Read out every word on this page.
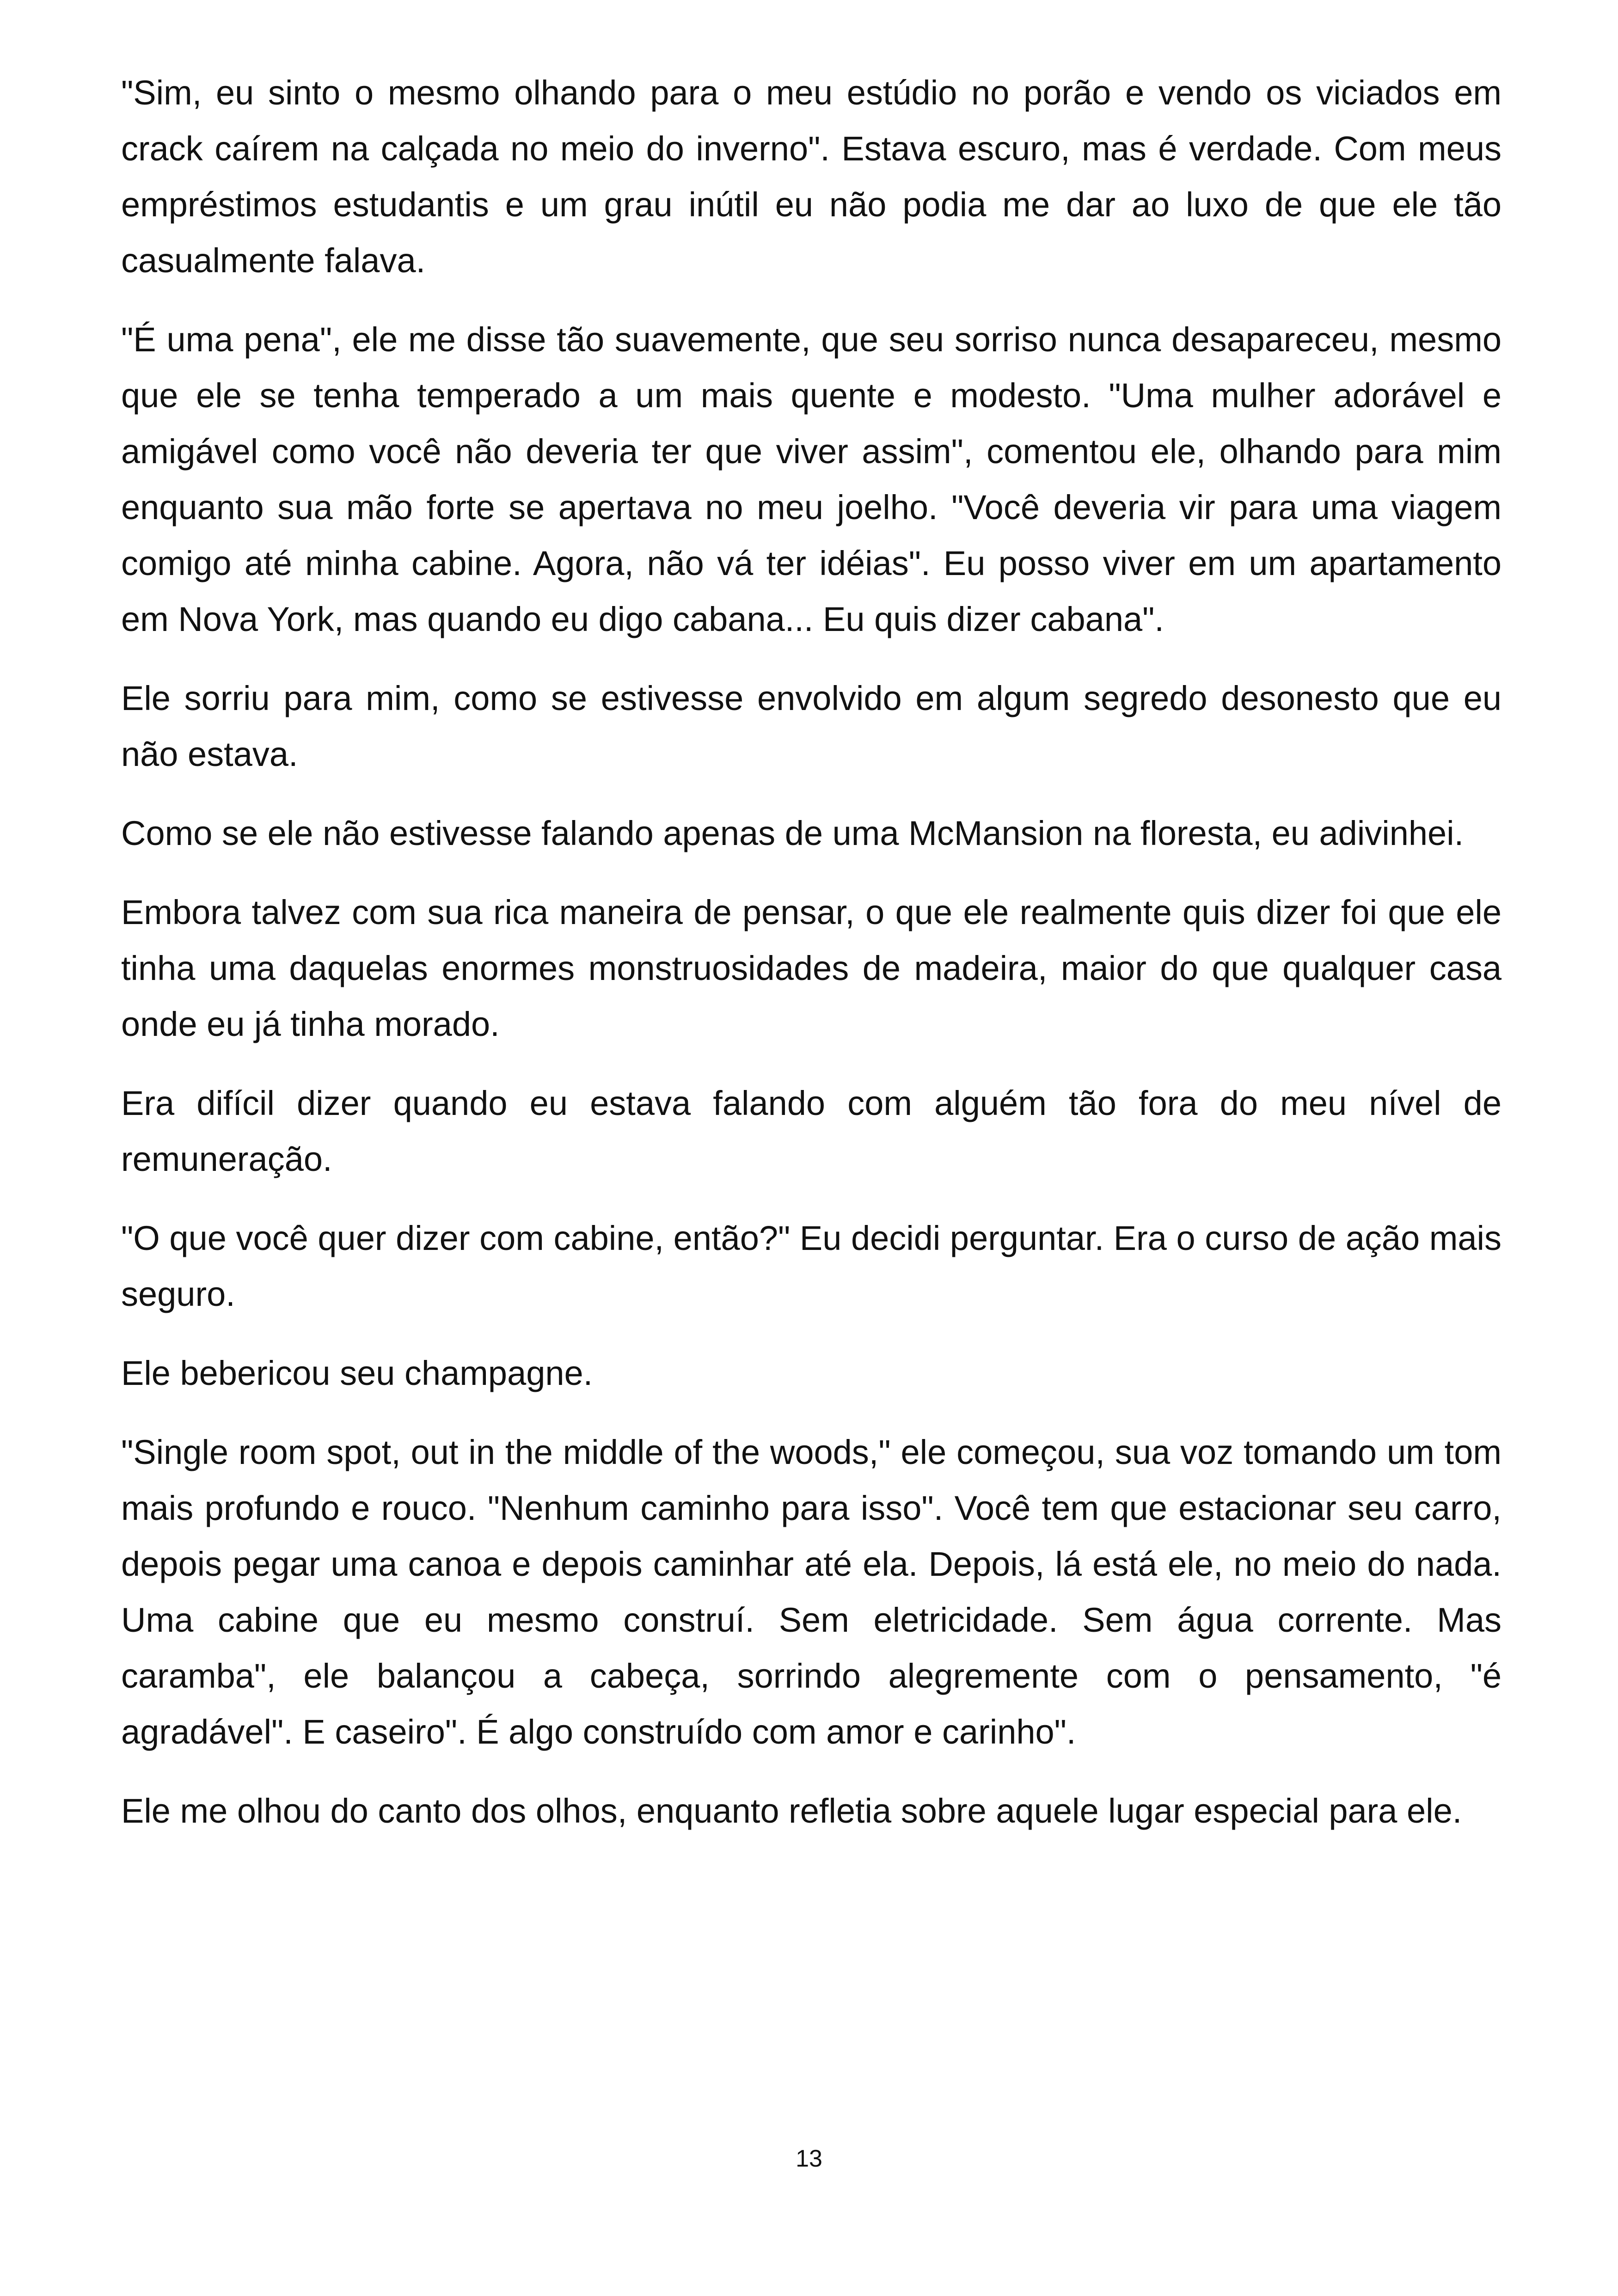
"Sim, eu sinto o mesmo olhando para o meu estúdio no porão e vendo os viciados em crack caírem na calçada no meio do inverno". Estava escuro, mas é verdade. Com meus empréstimos estudantis e um grau inútil eu não podia me dar ao luxo de que ele tão casualmente falava.

"É uma pena", ele me disse tão suavemente, que seu sorriso nunca desapareceu, mesmo que ele se tenha temperado a um mais quente e modesto. "Uma mulher adorável e amigável como você não deveria ter que viver assim", comentou ele, olhando para mim enquanto sua mão forte se apertava no meu joelho. "Você deveria vir para uma viagem comigo até minha cabine. Agora, não vá ter idéias". Eu posso viver em um apartamento em Nova York, mas quando eu digo cabana... Eu quis dizer cabana".

Ele sorriu para mim, como se estivesse envolvido em algum segredo desonesto que eu não estava.

Como se ele não estivesse falando apenas de uma McMansion na floresta, eu adivinhei.

Embora talvez com sua rica maneira de pensar, o que ele realmente quis dizer foi que ele tinha uma daquelas enormes monstruosidades de madeira, maior do que qualquer casa onde eu já tinha morado.

Era difícil dizer quando eu estava falando com alguém tão fora do meu nível de remuneração.

"O que você quer dizer com cabine, então?" Eu decidi perguntar. Era o curso de ação mais seguro.

Ele bebericou seu champagne.

"Single room spot, out in the middle of the woods," ele começou, sua voz tomando um tom mais profundo e rouco. "Nenhum caminho para isso". Você tem que estacionar seu carro, depois pegar uma canoa e depois caminhar até ela. Depois, lá está ele, no meio do nada. Uma cabine que eu mesmo construí. Sem eletricidade. Sem água corrente. Mas caramba", ele balançou a cabeça, sorrindo alegremente com o pensamento, "é agradável". E caseiro". É algo construído com amor e carinho".

Ele me olhou do canto dos olhos, enquanto refletia sobre aquele lugar especial para ele.

13
